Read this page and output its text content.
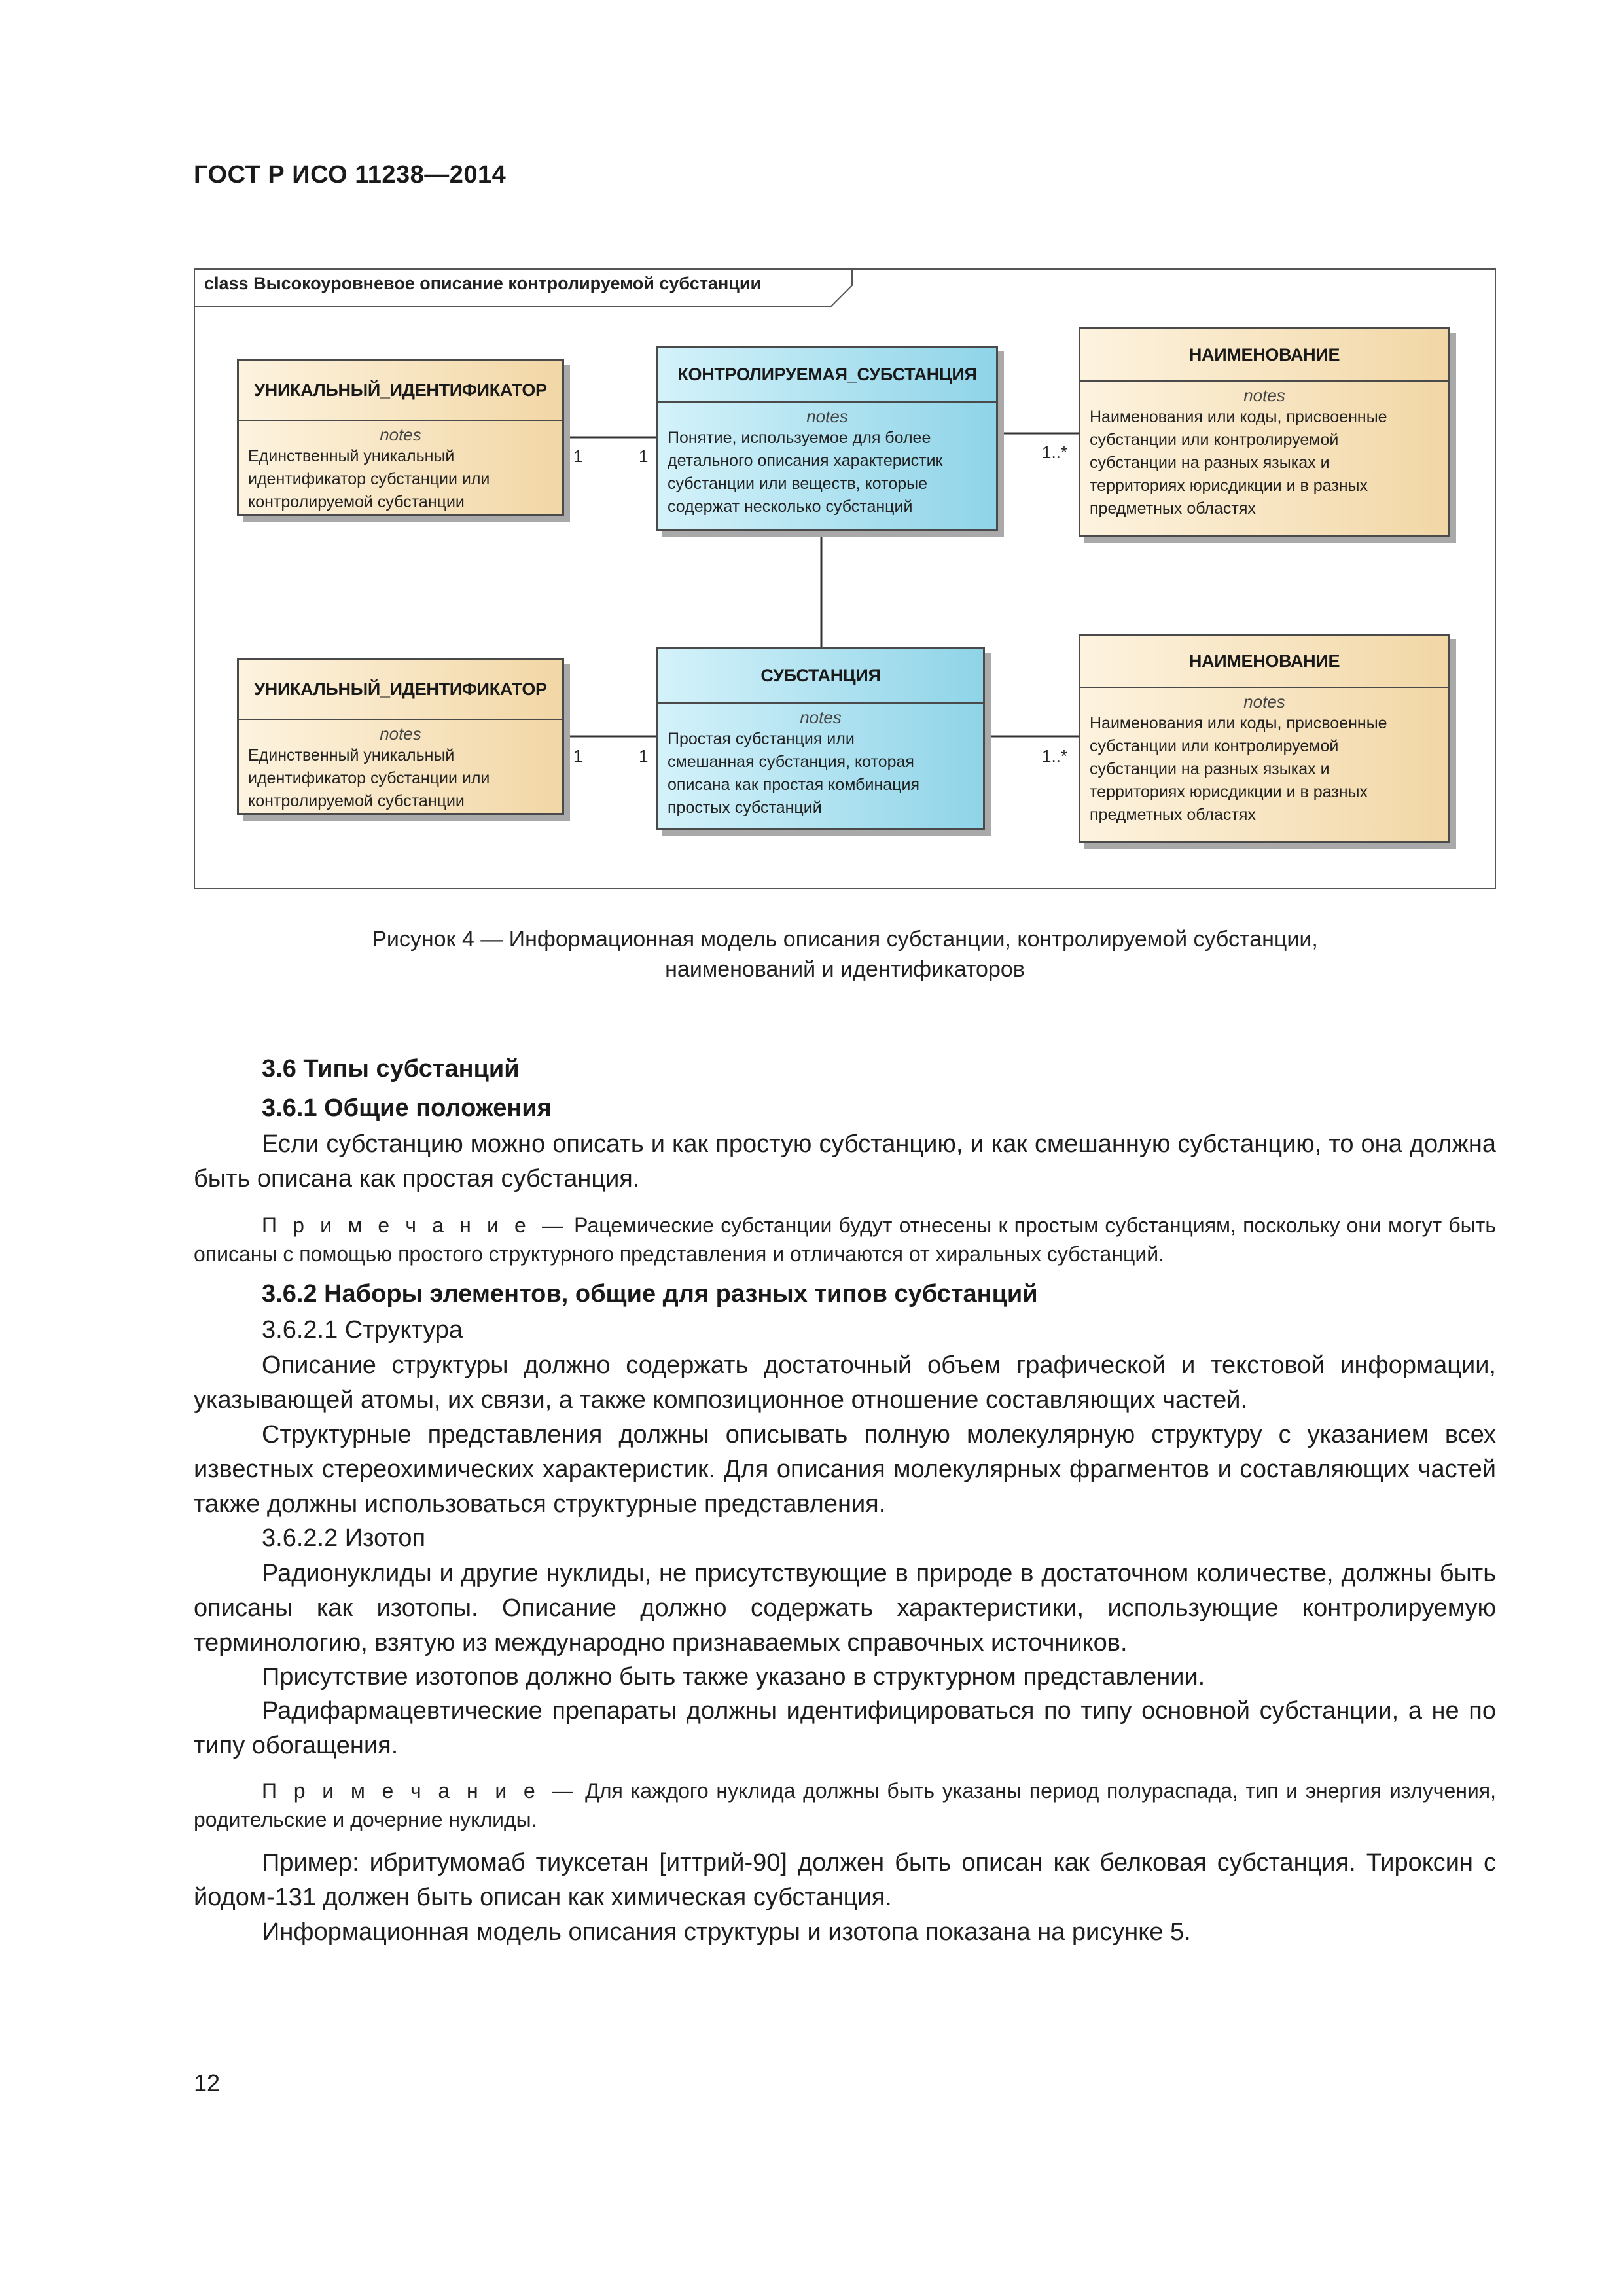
ГОСТ Р ИСО 11238—2014
class Высокоуровневое описание контролируемой субстанции
УНИКАЛЬНЫЙ_ИДЕНТИФИКАТОР
notes
Единственный уникальный
идентификатор субстанции или
контролируемой субстанции
КОНТРОЛИРУЕМАЯ_СУБСТАНЦИЯ
notes
Понятие, используемое для более
детального описания характеристик
субстанции или веществ, которые
содержат несколько субстанций
НАИМЕНОВАНИЕ
notes
Наименования или коды, присвоенные
субстанции или контролируемой
субстанции на разных языках и
территориях юрисдикции и в разных
предметных областях
УНИКАЛЬНЫЙ_ИДЕНТИФИКАТОР
notes
Единственный уникальный
идентификатор субстанции или
контролируемой субстанции
СУБСТАНЦИЯ
notes
Простая субстанция или
смешанная субстанция, которая
описана как простая комбинация
простых субстанций
НАИМЕНОВАНИЕ
notes
Наименования или коды, присвоенные
субстанции или контролируемой
субстанции на разных языках и
территориях юрисдикции и в разных
предметных областях
1	1	1..*
1	1	1..*
Рисунок 4 — Информационная модель описания субстанции, контролируемой субстанции,
наименований и идентификаторов
3.6 Типы субстанций
3.6.1 Общие положения
Если субстанцию можно описать и как простую субстанцию, и как смешанную субстанцию, то она должна быть описана как простая субстанция.
П р и м е ч а н и е — Рацемические субстанции будут отнесены к простым субстанциям, поскольку они могут быть описаны с помощью простого структурного представления и отличаются от хиральных субстанций.
3.6.2 Наборы элементов, общие для разных типов субстанций
3.6.2.1 Структура
Описание структуры должно содержать достаточный объем графической и текстовой информации, указывающей атомы, их связи, а также композиционное отношение составляющих частей.
Структурные представления должны описывать полную молекулярную структуру с указанием всех известных стереохимических характеристик. Для описания молекулярных фрагментов и составляющих частей также должны использоваться структурные представления.
3.6.2.2 Изотоп
Радионуклиды и другие нуклиды, не присутствующие в природе в достаточном количестве, должны быть описаны как изотопы. Описание должно содержать характеристики, использующие контролируемую терминологию, взятую из международно признаваемых справочных источников.
Присутствие изотопов должно быть также указано в структурном представлении.
Радифармацевтические препараты должны идентифицироваться по типу основной субстанции, а не по типу обогащения.
П р и м е ч а н и е — Для каждого нуклида должны быть указаны период полураспада, тип и энергия излучения, родительские и дочерние нуклиды.
Пример: ибритумомаб тиуксетан [иттрий-90] должен быть описан как белковая субстанция. Тироксин с йодом-131 должен быть описан как химическая субстанция.
Информационная модель описания структуры и изотопа показана на рисунке 5.
12
